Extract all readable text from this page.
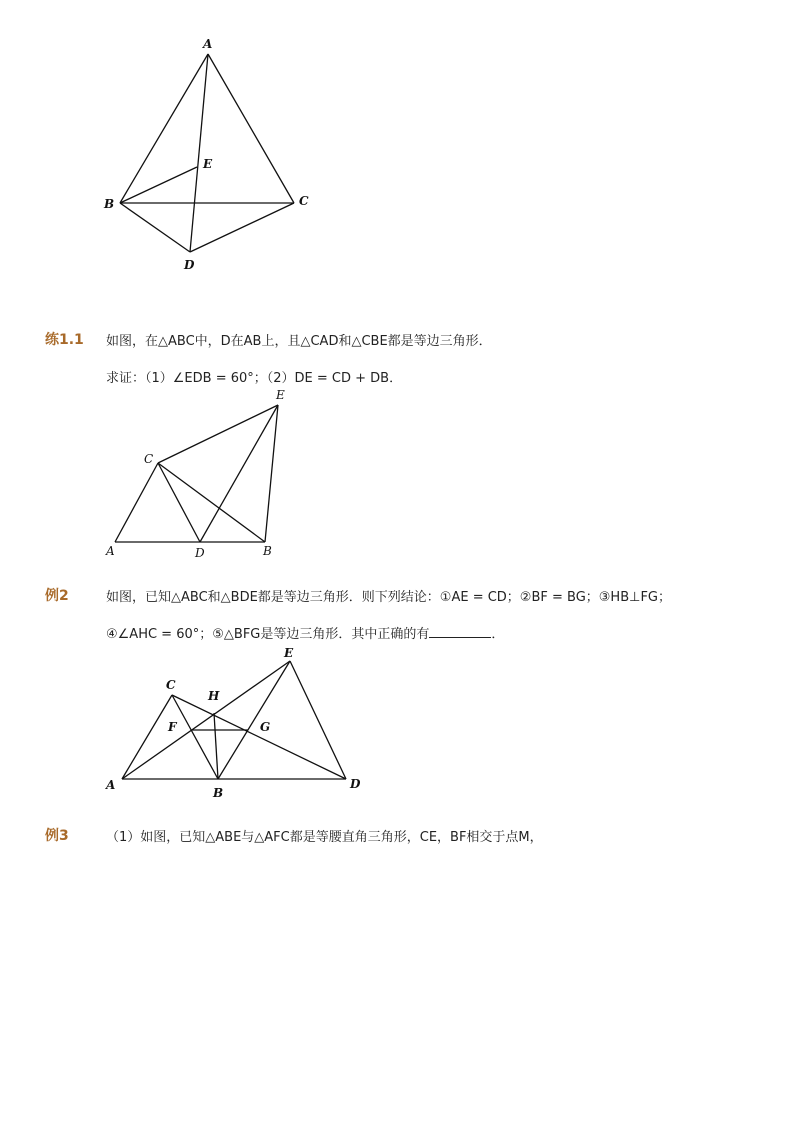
A
E
B	C
D
练1.1 如图，在△ABC中，D在AB上，且△CAD和△CBE都是等边三角形．
求证：（1）∠EDB = 60°；（2）DE = CD + DB．
E
C
A	D	B
例2	如图，已知△ABC和△BDE都是等边三角形．则下列结论：①AE = CD；②BF = BG；③HB⊥FG；
④∠AHC = 60°；⑤△BFG是等边三角形．其中正确的有	．
E
C
H
F	G
A
B
D
例3	（1）如图，已知△ABE与△AFC都是等腰直角三角形，CE，BF相交于点M，
